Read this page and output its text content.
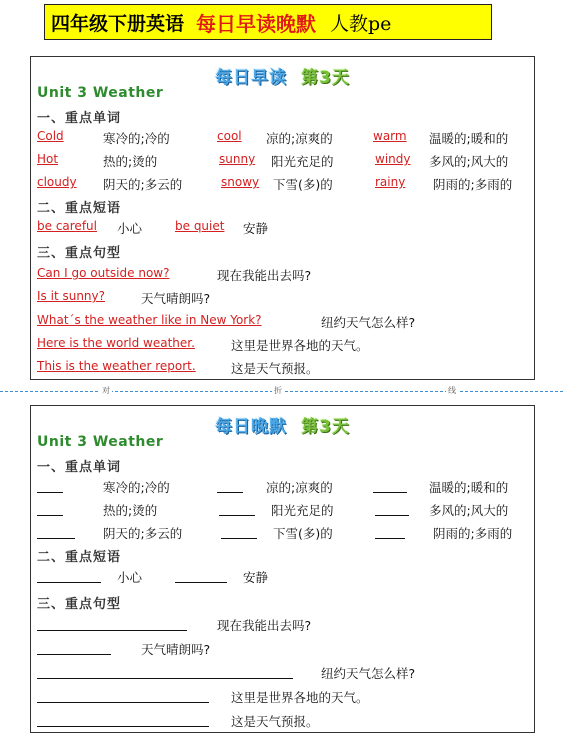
四年级下册英语 每日早读晚默 人教pe
每日早读 第3天
Unit 3 Weather
一、重点单词
Cold	寒冷的;冷的	cool 凉的;凉爽的	warm 温暖的;暖和的
Hot	热的;烫的	sunny 阳光充足的	windy 多风的;风大的
cloudy 阴天的;多云的	snowy 下雪(多)的	rainy 阴雨的;多雨的
二、重点短语
be careful 小心	be quiet 安静
三、重点句型
Can I go outside now?	现在我能出去吗?
Is it sunny?	天气晴朗吗?
What´s the weather like in New York?	纽约天气怎么样?
Here is the world weather.	这里是世界各地的天气。
This is the weather report.	这是天气预报。
对	折	线
每日晚默 第3天
Unit 3 Weather
一、重点单词
寒冷的;冷的	凉的;凉爽的	温暖的;暖和的
热的;烫的	阳光充足的	多风的;风大的
阴天的;多云的	下雪(多)的	阴雨的;多雨的
二、重点短语
小心	安静
三、重点句型
现在我能出去吗?
天气晴朗吗?
纽约天气怎么样?
这里是世界各地的天气。
这是天气预报。
